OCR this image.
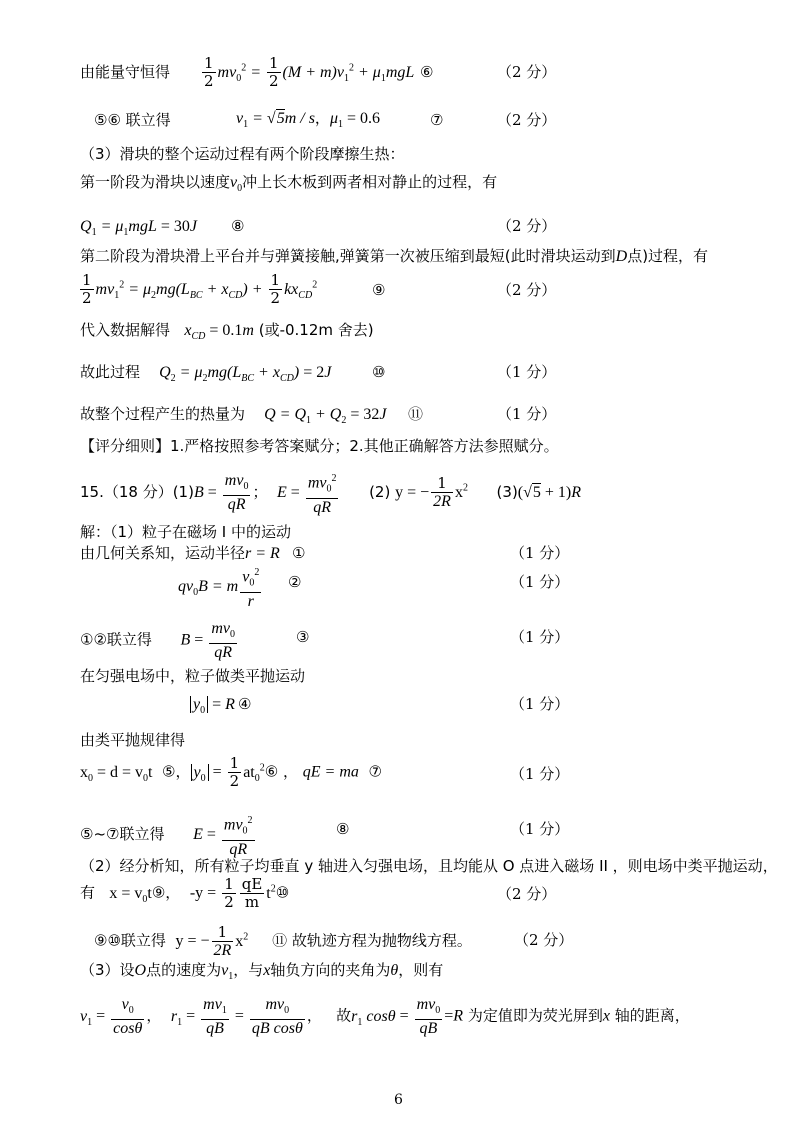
由能量守恒得 $\frac{1}{2} mv_0^2 = \frac{1}{2} (M + m)v_1^2 + \mu_1mgL$ ⑥	（2 分）
⑤⑥ 联立得	$v_1 = √5m / s$，$\mu_1 = 0.6$	⑦	（2 分）
（3）滑块的整个运动过程有两个阶段摩擦生热：
第一阶段为滑块以速度$v_0$冲上长木板到两者相对静止的过程，有
$Q_1 = \mu_1mgL = 30J$ ⑧	（2 分）
第二阶段为滑块滑上平台并与弹簧接触,弹簧第一次被压缩到最短(此时滑块运动到D点)过程，有
$\frac{1}{2} mv_1^2 = \mu_2mg(L_{BC} + x_{CD}) + \frac{1}{2} kx_{CD}^2$	⑨	（2 分）
代入数据解得 $x_{CD} = 0.1m$ (或-0.12m 舍去)
故此过程 $Q_2 = \mu_2mg(L_{BC} + x_{CD}) = 2J$	⑩	（1 分）
故整个过程产生的热量为 $Q = Q_1 + Q_2 = 32J$ ⑪	（1 分）
【评分细则】1.严格按照参考答案赋分；2.其他正确解答方法参照赋分。
15.（18 分）$(1)B = \frac{mv_0}{qR}$ ； $E = \frac{mv_0^2}{qR} (2) y$ = − $\frac{1}{2R} x^2$ (3)(√5 + 1)R
解：（1）粒子在磁场 I 中的运动
由几何关系知，运动半径r = R ①	（1 分）
$qv_0B = m \frac{v_0^2}{r}$ ②	（1 分）
①②联立得 $B = \frac{mv_0}{qR}$	③	（1 分）
在匀强电场中，粒子做类平抛运动
$y_0 = R$ ④	（1 分）
由类平抛规律得
$x_0 = d = v_0t$ ⑤， $y_0 = \frac{1}{2}$ $at_0^2⑥$ ， qE = ma ⑦	（1 分）
⑤~⑦联立得 $E = \frac{mv_0^2}{qR}$	⑧	（1 分）
（2）经分析知，所有粒子均垂直 y 轴进入匀强电场，且均能从 O 点进入磁场 II ，则电场中类平抛运动，
有 $x = v_0t⑨$， $-y = \frac{1}{2} \frac{qE}{m}$ $t^2⑩$	（2 分）
⑨⑩联立得 y = − $\frac{1}{2R} x^2$ ⑪ 故轨迹方程为抛物线方程。	（2 分）
（3）设O点的速度为$v_1$，与x轴负方向的夹角为θ，则有
$v_1 = \frac{v_0}{\cos\theta}$ ， $r_1 = \frac{mv_1}{qB} = \frac{mv_0}{\text{qB cosθ}}$ ， 故$r_1$ $\cos\theta = \frac{mv_0}{qB} =R$ 为定值即为荧光屏到x 轴的距离，
6
